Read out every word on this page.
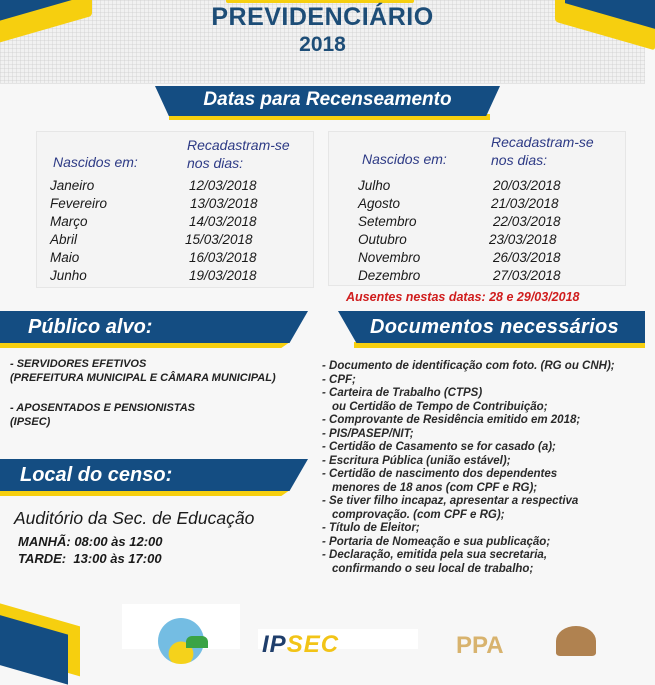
PREVIDENCIÁRIO
2018
Datas para Recenseamento
Nascidos em:
Recadastram-se
nos dias:
Janeiro	12/03/2018
Fevereiro	13/03/2018
Março	14/03/2018
Abril	15/03/2018
Maio	16/03/2018
Junho	19/03/2018
Nascidos em:
Recadastram-se
nos dias:
Julho	20/03/2018
Agosto	21/03/2018
Setembro	22/03/2018
Outubro	23/03/2018
Novembro	26/03/2018
Dezembro	27/03/2018
Ausentes nestas datas: 28 e 29/03/2018
Público alvo:
- SERVIDORES EFETIVOS
(PREFEITURA MUNICIPAL E CÂMARA MUNICIPAL)
- APOSENTADOS E PENSIONISTAS
(IPSEC)
Documentos necessários
- Documento de identificação com foto. (RG ou CNH);
- CPF;
- Carteira de Trabalho (CTPS)
ou Certidão de Tempo de Contribuição;
- Comprovante de Residência emitido em 2018;
- PIS/PASEP/NIT;
- Certidão de Casamento se for casado (a);
- Escritura Pública (união estável);
- Certidão de nascimento dos dependentes
menores de 18 anos (com CPF e RG);
- Se tiver filho incapaz, apresentar a respectiva
comprovação. (com CPF e RG);
- Título de Eleitor;
- Portaria de Nomeação e sua publicação;
- Declaração, emitida pela sua secretaria,
confirmando o seu local de trabalho;
Local do censo:
Auditório da Sec. de Educação
MANHÃ: 08:00 às 12:00
TARDE:  13:00 às 17:00
IPSEC	PPA
